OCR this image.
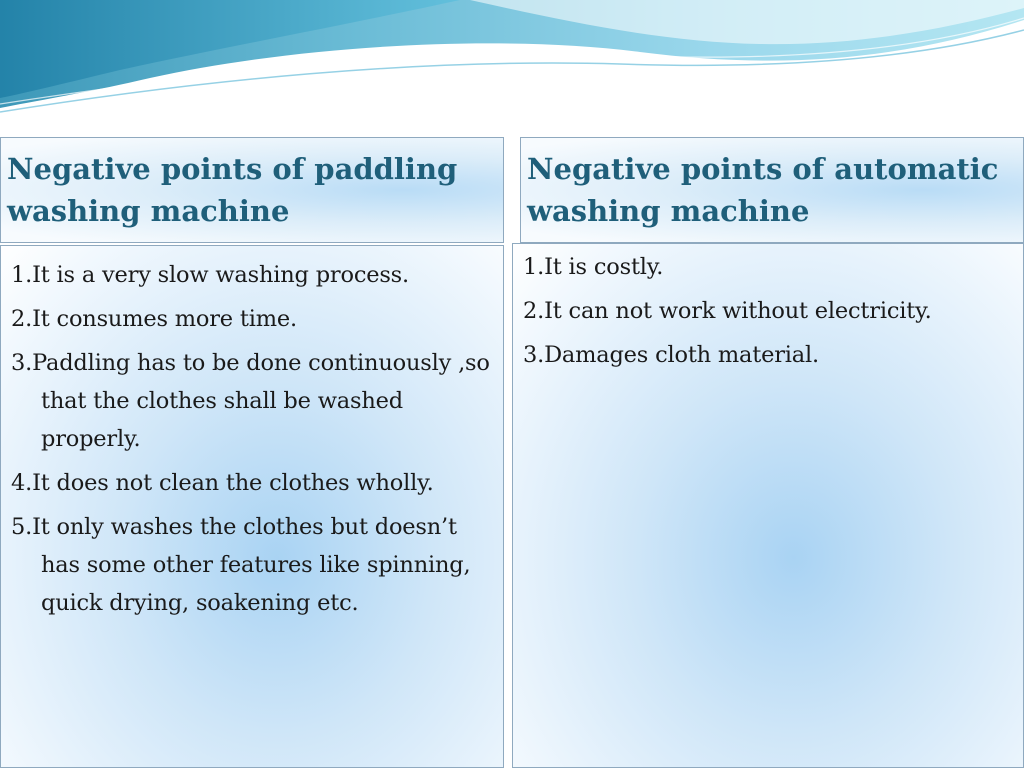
Negative points of paddling washing machine

Negative points of automatic washing machine

1.It is a very slow washing process.
2.It consumes more time.
3.Paddling has to be done continuously ,so that the clothes shall be washed properly.
4.It does not clean the clothes wholly.
5.It only washes the clothes but doesn’t has some other features like spinning, quick drying, soakening etc.
1.It is costly.
2.It can not work without electricity.
3.Damages cloth material.
